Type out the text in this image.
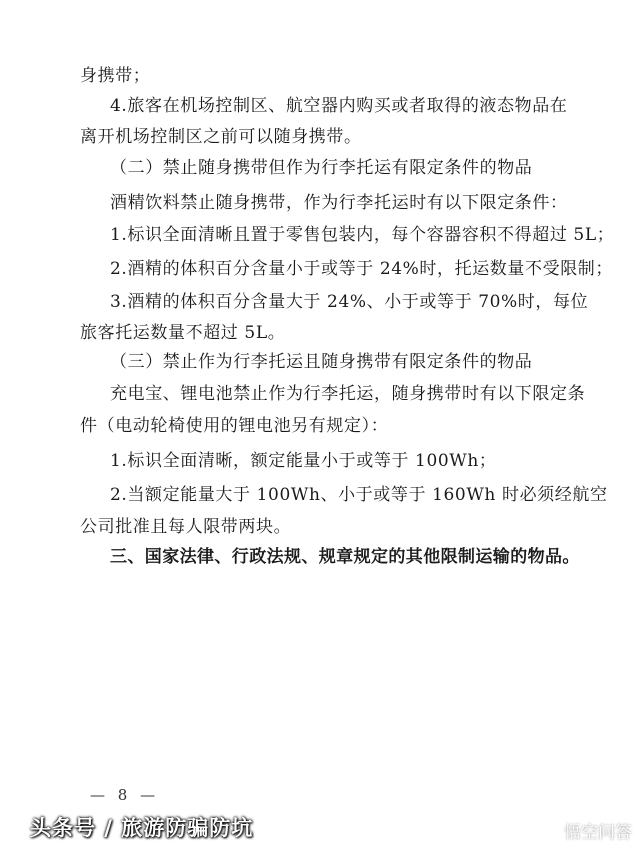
身携带；
4.旅客在机场控制区、航空器内购买或者取得的液态物品在
离开机场控制区之前可以随身携带。
（二）禁止随身携带但作为行李托运有限定条件的物品
酒精饮料禁止随身携带，作为行李托运时有以下限定条件：
1.标识全面清晰且置于零售包装内，每个容器容积不得超过 5L；
2.酒精的体积百分含量小于或等于 24%时，托运数量不受限制；
3.酒精的体积百分含量大于 24%、小于或等于 70%时，每位
旅客托运数量不超过 5L。
（三）禁止作为行李托运且随身携带有限定条件的物品
充电宝、锂电池禁止作为行李托运，随身携带时有以下限定条
件（电动轮椅使用的锂电池另有规定）：
1.标识全面清晰，额定能量小于或等于 100Wh；
2.当额定能量大于 100Wh、小于或等于 160Wh 时必须经航空
公司批准且每人限带两块。
三、国家法律、行政法规、规章规定的其他限制运输的物品。
— 8 —
头条号 / 旅游防骗防坑	悟空问答
